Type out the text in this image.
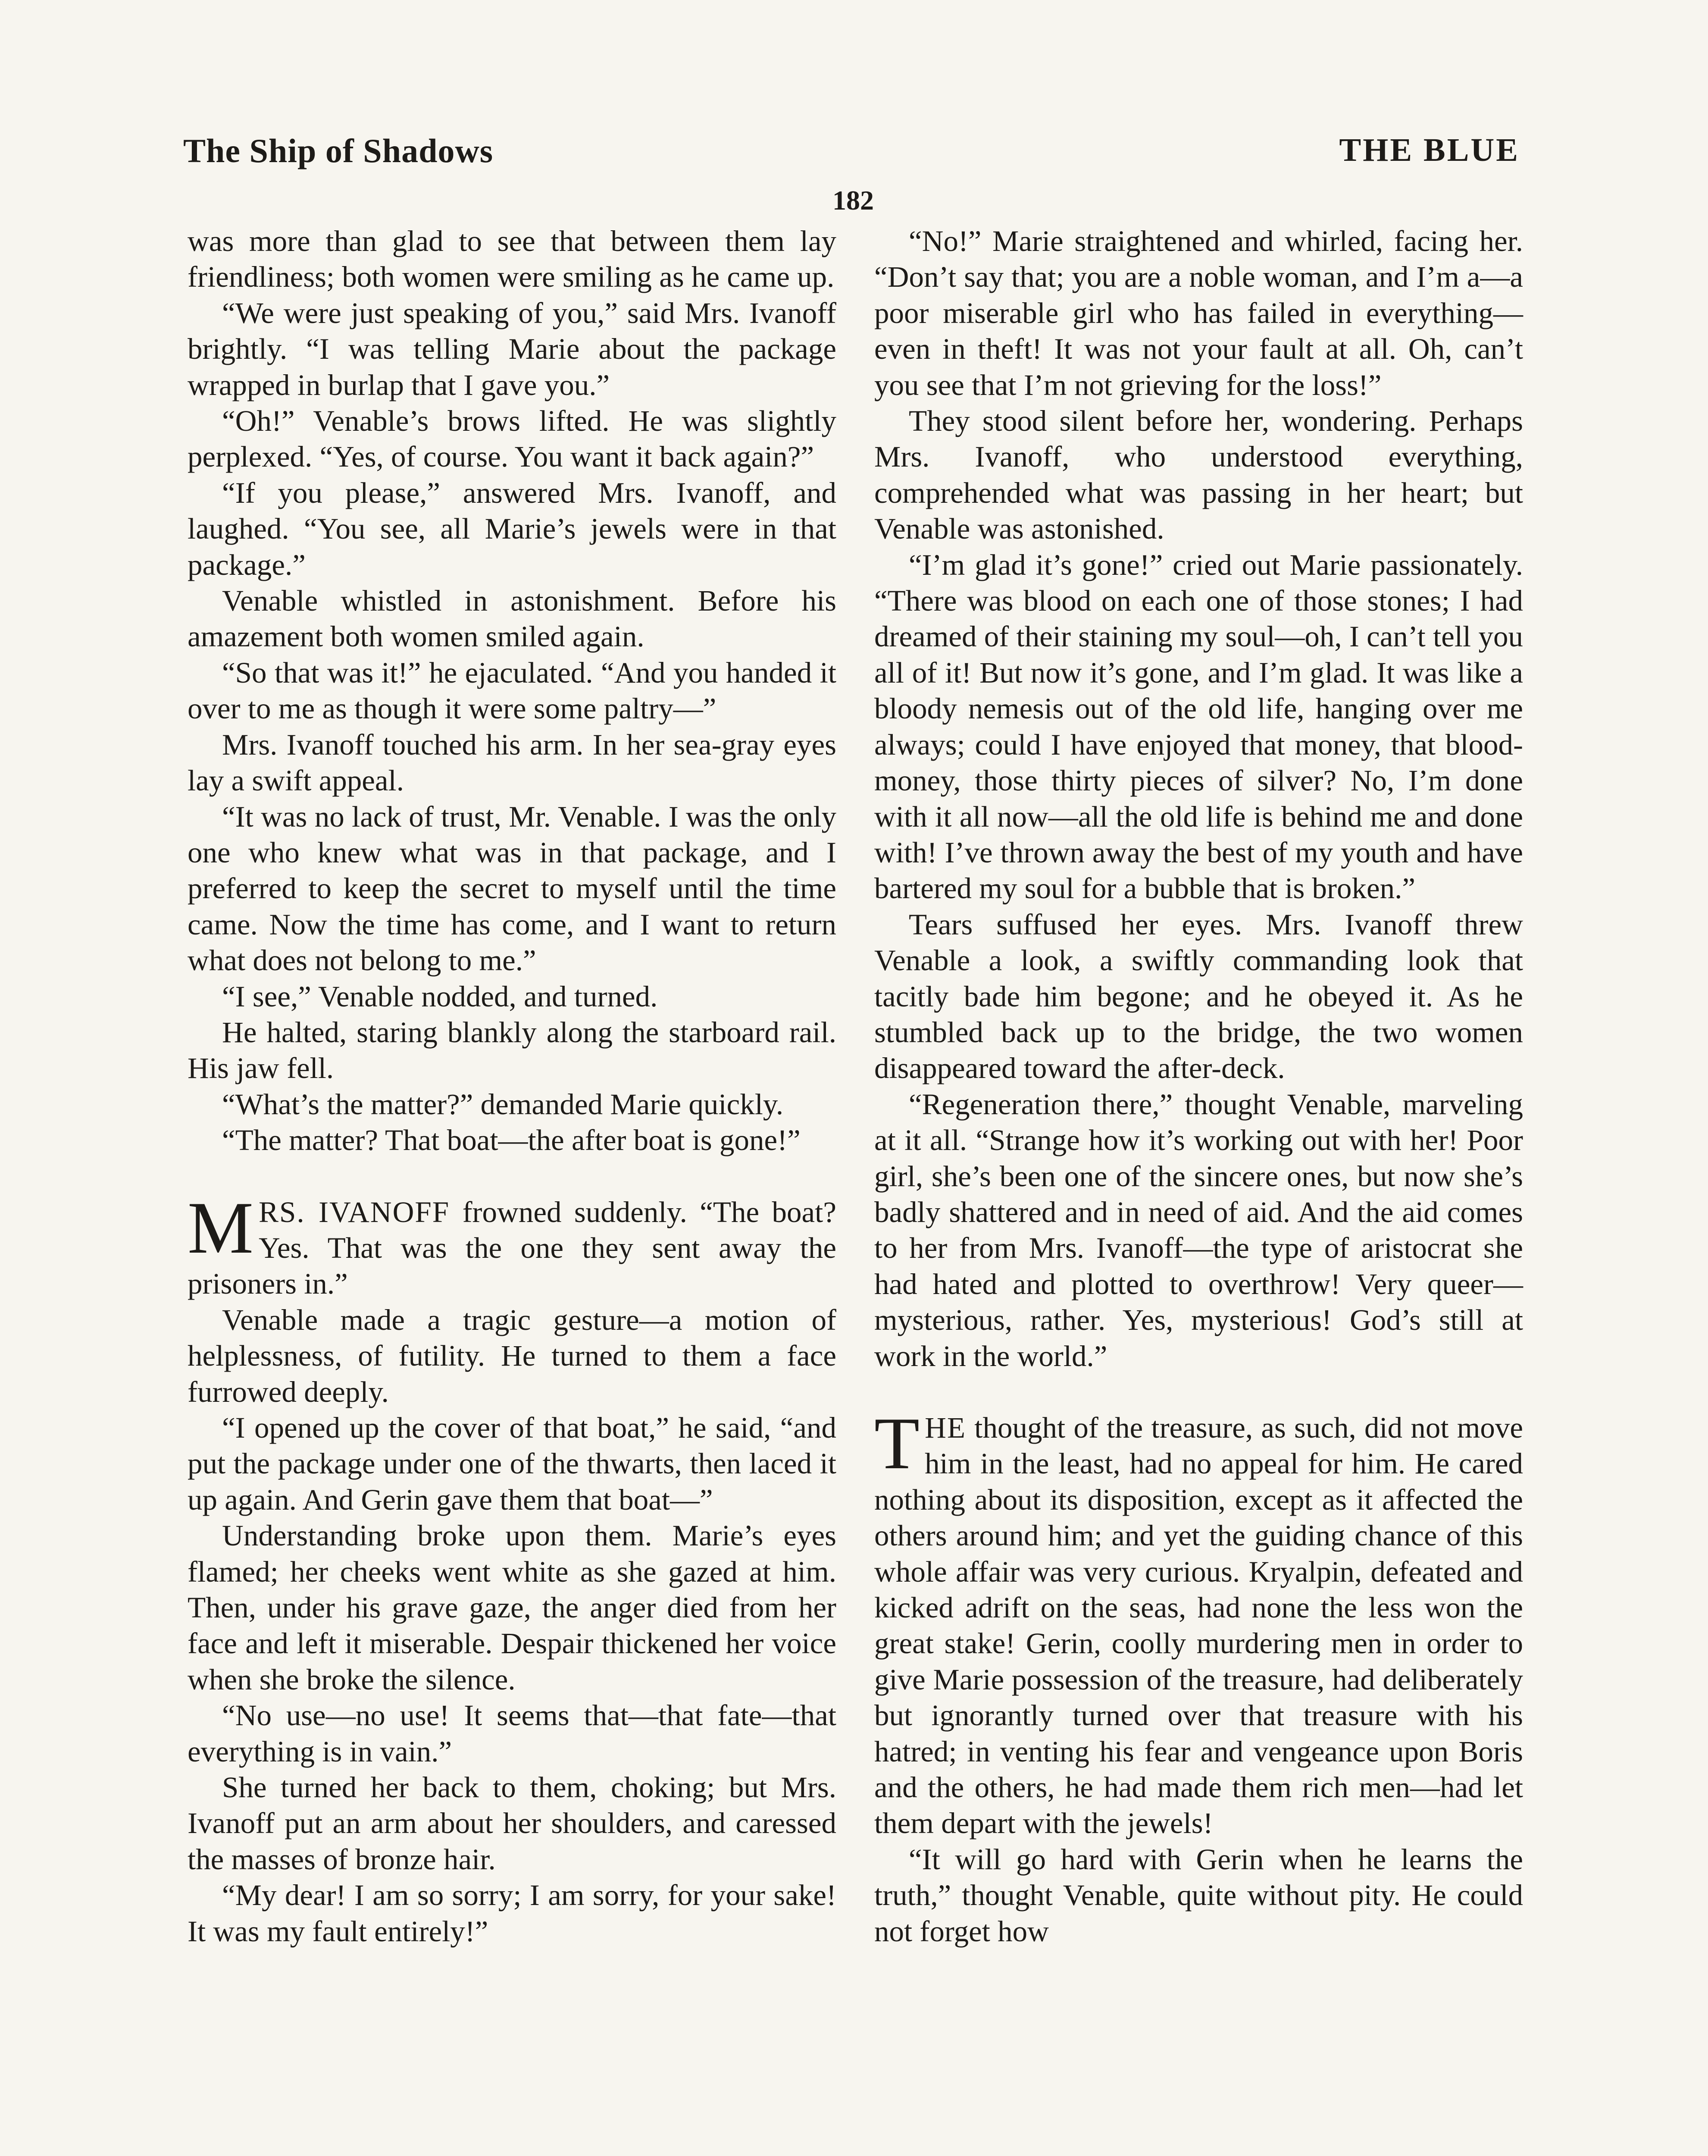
The Ship of Shadows	THE BLUE
182

was more than glad to see that between them lay friendliness; both women were smiling as he came up.

“We were just speaking of you,” said Mrs. Ivanoff brightly. “I was telling Marie about the package wrapped in burlap that I gave you.”

“Oh!” Venable’s brows lifted. He was slightly perplexed. “Yes, of course. You want it back again?”

“If you please,” answered Mrs. Ivanoff, and laughed. “You see, all Marie’s jewels were in that package.”

Venable whistled in astonishment. Before his amazement both women smiled again.

“So that was it!” he ejaculated. “And you handed it over to me as though it were some paltry—”

Mrs. Ivanoff touched his arm. In her sea-gray eyes lay a swift appeal.

“It was no lack of trust, Mr. Venable. I was the only one who knew what was in that package, and I preferred to keep the secret to myself until the time came. Now the time has come, and I want to return what does not belong to me.”

“I see,” Venable nodded, and turned.

He halted, staring blankly along the starboard rail. His jaw fell.

“What’s the matter?” demanded Marie quickly.

“The matter? That boat—the after boat is gone!”

MRS. IVANOFF frowned suddenly. “The boat? Yes. That was the one they sent away the prisoners in.”

Venable made a tragic gesture—a motion of helplessness, of futility. He turned to them a face furrowed deeply.

“I opened up the cover of that boat,” he said, “and put the package under one of the thwarts, then laced it up again. And Gerin gave them that boat—”

Understanding broke upon them. Marie’s eyes flamed; her cheeks went white as she gazed at him. Then, under his grave gaze, the anger died from her face and left it miserable. Despair thickened her voice when she broke the silence.

“No use—no use! It seems that—that fate—that everything is in vain.”

She turned her back to them, choking; but Mrs. Ivanoff put an arm about her shoulders, and caressed the masses of bronze hair.

“My dear! I am so sorry; I am sorry, for your sake! It was my fault entirely!”

“No!” Marie straightened and whirled, facing her. “Don’t say that; you are a noble woman, and I’m a—a poor miserable girl who has failed in everything—even in theft! It was not your fault at all. Oh, can’t you see that I’m not grieving for the loss!”

They stood silent before her, wondering. Perhaps Mrs. Ivanoff, who understood everything, comprehended what was passing in her heart; but Venable was astonished.

“I’m glad it’s gone!” cried out Marie passionately. “There was blood on each one of those stones; I had dreamed of their staining my soul—oh, I can’t tell you all of it! But now it’s gone, and I’m glad. It was like a bloody nemesis out of the old life, hanging over me always; could I have enjoyed that money, that blood-money, those thirty pieces of silver? No, I’m done with it all now—all the old life is behind me and done with! I’ve thrown away the best of my youth and have bartered my soul for a bubble that is broken.”

Tears suffused her eyes. Mrs. Ivanoff threw Venable a look, a swiftly commanding look that tacitly bade him begone; and he obeyed it. As he stumbled back up to the bridge, the two women disappeared toward the after-deck.

“Regeneration there,” thought Venable, marveling at it all. “Strange how it’s working out with her! Poor girl, she’s been one of the sincere ones, but now she’s badly shattered and in need of aid. And the aid comes to her from Mrs. Ivanoff—the type of aristocrat she had hated and plotted to overthrow! Very queer—mysterious, rather. Yes, mysterious! God’s still at work in the world.”

THE thought of the treasure, as such, did not move him in the least, had no appeal for him. He cared nothing about its disposition, except as it affected the others around him; and yet the guiding chance of this whole affair was very curious. Kryalpin, defeated and kicked adrift on the seas, had none the less won the great stake! Gerin, coolly murdering men in order to give Marie possession of the treasure, had deliberately but ignorantly turned over that treasure with his hatred; in venting his fear and vengeance upon Boris and the others, he had made them rich men—had let them depart with the jewels!

“It will go hard with Gerin when he learns the truth,” thought Venable, quite without pity. He could not forget how
